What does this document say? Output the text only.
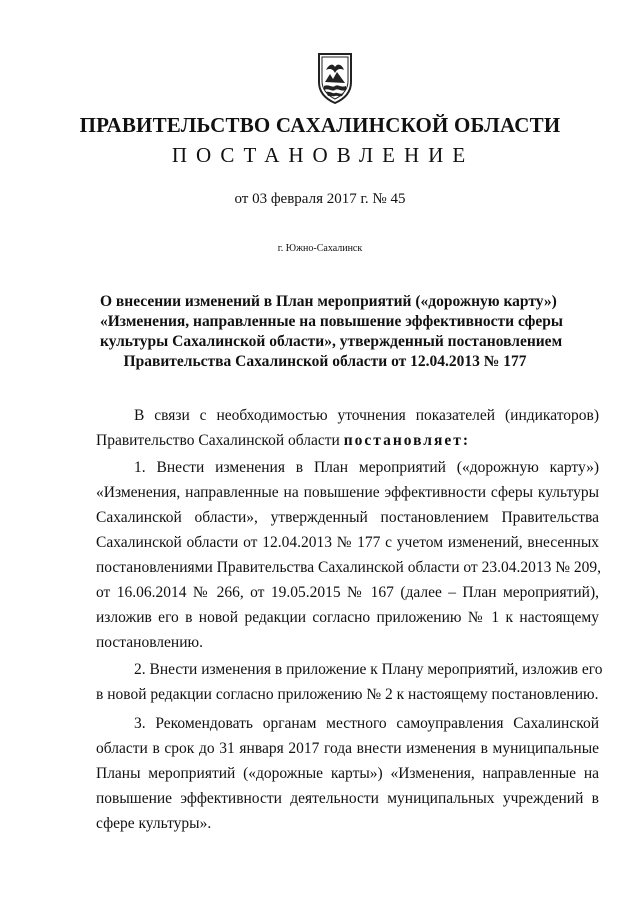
ПРАВИТЕЛЬСТВО САХАЛИНСКОЙ ОБЛАСТИ
ПОСТАНОВЛЕНИЕ
от 03 февраля 2017 г. № 45
г. Южно-Сахалинск
О внесении изменений в План мероприятий («дорожную карту»)
«Изменения, направленные на повышение эффективности сферы
культуры Сахалинской области», утвержденный постановлением
Правительства Сахалинской области от 12.04.2013 № 177
В связи с необходимостью уточнения показателей (индикаторов)
Правительство Сахалинской области постановляет:
1. Внести изменения в План мероприятий («дорожную карту»)
«Изменения, направленные на повышение эффективности сферы культуры
Сахалинской области», утвержденный постановлением Правительства
Сахалинской области от 12.04.2013 № 177 с учетом изменений, внесенных
постановлениями Правительства Сахалинской области от 23.04.2013 № 209,
от 16.06.2014 № 266, от 19.05.2015 № 167 (далее – План мероприятий),
изложив его в новой редакции согласно приложению № 1 к настоящему
постановлению.
2. Внести изменения в приложение к Плану мероприятий, изложив его
в новой редакции согласно приложению № 2 к настоящему постановлению.
3. Рекомендовать органам местного самоуправления Сахалинской
области в срок до 31 января 2017 года внести изменения в муниципальные
Планы мероприятий («дорожные карты») «Изменения, направленные на
повышение эффективности деятельности муниципальных учреждений в
сфере культуры».
